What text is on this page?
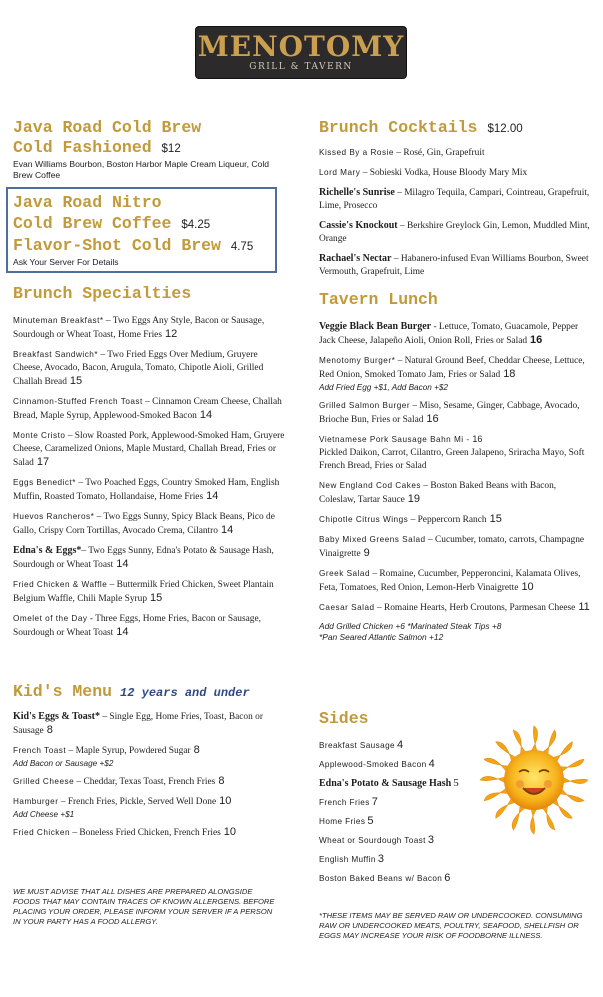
MENOTOMY
GRILL & TAVERN
Java Road Cold Brew
Cold Fashioned $12
Evan Williams Bourbon, Boston Harbor Maple Cream Liqueur, Cold Brew Coffee
Java Road Nitro
Cold Brew Coffee $4.25
Flavor-Shot Cold Brew 4.75
Ask Your Server For Details
Brunch Specialties
Minuteman Breakfast* – Two Eggs Any Style, Bacon or Sausage, Sourdough or Wheat Toast, Home Fries 12
Breakfast Sandwich* – Two Fried Eggs Over Medium, Gruyere Cheese, Avocado, Bacon, Arugula, Tomato, Chipotle Aioli, Grilled Challah Bread 15
Cinnamon-Stuffed French Toast – Cinnamon Cream Cheese, Challah Bread, Maple Syrup, Applewood-Smoked Bacon 14
Monte Cristo – Slow Roasted Pork, Applewood-Smoked Ham, Gruyere Cheese, Caramelized Onions, Maple Mustard, Challah Bread, Fries or Salad 17
Eggs Benedict* – Two Poached Eggs, Country Smoked Ham, English Muffin, Roasted Tomato, Hollandaise, Home Fries 14
Huevos Rancheros* – Two Eggs Sunny, Spicy Black Beans, Pico de Gallo, Crispy Corn Tortillas, Avocado Crema, Cilantro 14
Edna's & Eggs*– Two Eggs Sunny, Edna's Potato & Sausage Hash, Sourdough or Wheat Toast 14
Fried Chicken & Waffle – Buttermilk Fried Chicken, Sweet Plantain Belgium Waffle, Chili Maple Syrup 15
Omelet of the Day - Three Eggs, Home Fries, Bacon or Sausage, Sourdough or Wheat Toast 14
Kid's Menu 12 years and under
Kid's Eggs & Toast* – Single Egg, Home Fries, Toast, Bacon or Sausage 8
French Toast – Maple Syrup, Powdered Sugar 8
Add Bacon or Sausage +$2
Grilled Cheese – Cheddar, Texas Toast, French Fries 8
Hamburger – French Fries, Pickle, Served Well Done 10
Add Cheese +$1
Fried Chicken – Boneless Fried Chicken, French Fries 10
WE MUST ADVISE THAT ALL DISHES ARE PREPARED ALONGSIDE FOODS THAT MAY CONTAIN TRACES OF KNOWN ALLERGENS. BEFORE PLACING YOUR ORDER, PLEASE INFORM YOUR SERVER IF A PERSON IN YOUR PARTY HAS A FOOD ALLERGY.
Brunch Cocktails $12.00
Kissed By a Rosie – Rosé, Gin, Grapefruit
Lord Mary – Sobieski Vodka, House Bloody Mary Mix
Richelle's Sunrise – Milagro Tequila, Campari, Cointreau, Grapefruit, Lime, Prosecco
Cassie's Knockout – Berkshire Greylock Gin, Lemon, Muddled Mint, Orange
Rachael's Nectar – Habanero-infused Evan Williams Bourbon, Sweet Vermouth, Grapefruit, Lime
Tavern Lunch
Veggie Black Bean Burger - Lettuce, Tomato, Guacamole, Pepper Jack Cheese, Jalapeño Aioli, Onion Roll, Fries or Salad 16
Menotomy Burger* – Natural Ground Beef, Cheddar Cheese, Lettuce, Red Onion, Smoked Tomato Jam, Fries or Salad 18
Add Fried Egg +$1, Add Bacon +$2
Grilled Salmon Burger – Miso, Sesame, Ginger, Cabbage, Avocado, Brioche Bun, Fries or Salad 16
Vietnamese Pork Sausage Bahn Mi - 16
Pickled Daikon, Carrot, Cilantro, Green Jalapeno, Sriracha Mayo, Soft French Bread, Fries or Salad
New England Cod Cakes – Boston Baked Beans with Bacon, Coleslaw, Tartar Sauce 19
Chipotle Citrus Wings – Peppercorn Ranch 15
Baby Mixed Greens Salad – Cucumber, tomato, carrots, Champagne Vinaigrette 9
Greek Salad – Romaine, Cucumber, Pepperoncini, Kalamata Olives, Feta, Tomatoes, Red Onion, Lemon-Herb Vinaigrette 10
Caesar Salad – Romaine Hearts, Herb Croutons, Parmesan Cheese 11
Add Grilled Chicken +6 *Marinated Steak Tips +8
*Pan Seared Atlantic Salmon +12
Sides
Breakfast Sausage 4
Applewood-Smoked Bacon 4
Edna's Potato & Sausage Hash 5
French Fries 7
Home Fries 5
Wheat or Sourdough Toast 3
English Muffin 3
Boston Baked Beans w/ Bacon 6
*THESE ITEMS MAY BE SERVED RAW OR UNDERCOOKED. CONSUMING RAW OR UNDERCOOKED MEATS, POULTRY, SEAFOOD, SHELLFISH OR EGGS MAY INCREASE YOUR RISK OF FOODBORNE ILLNESS.
